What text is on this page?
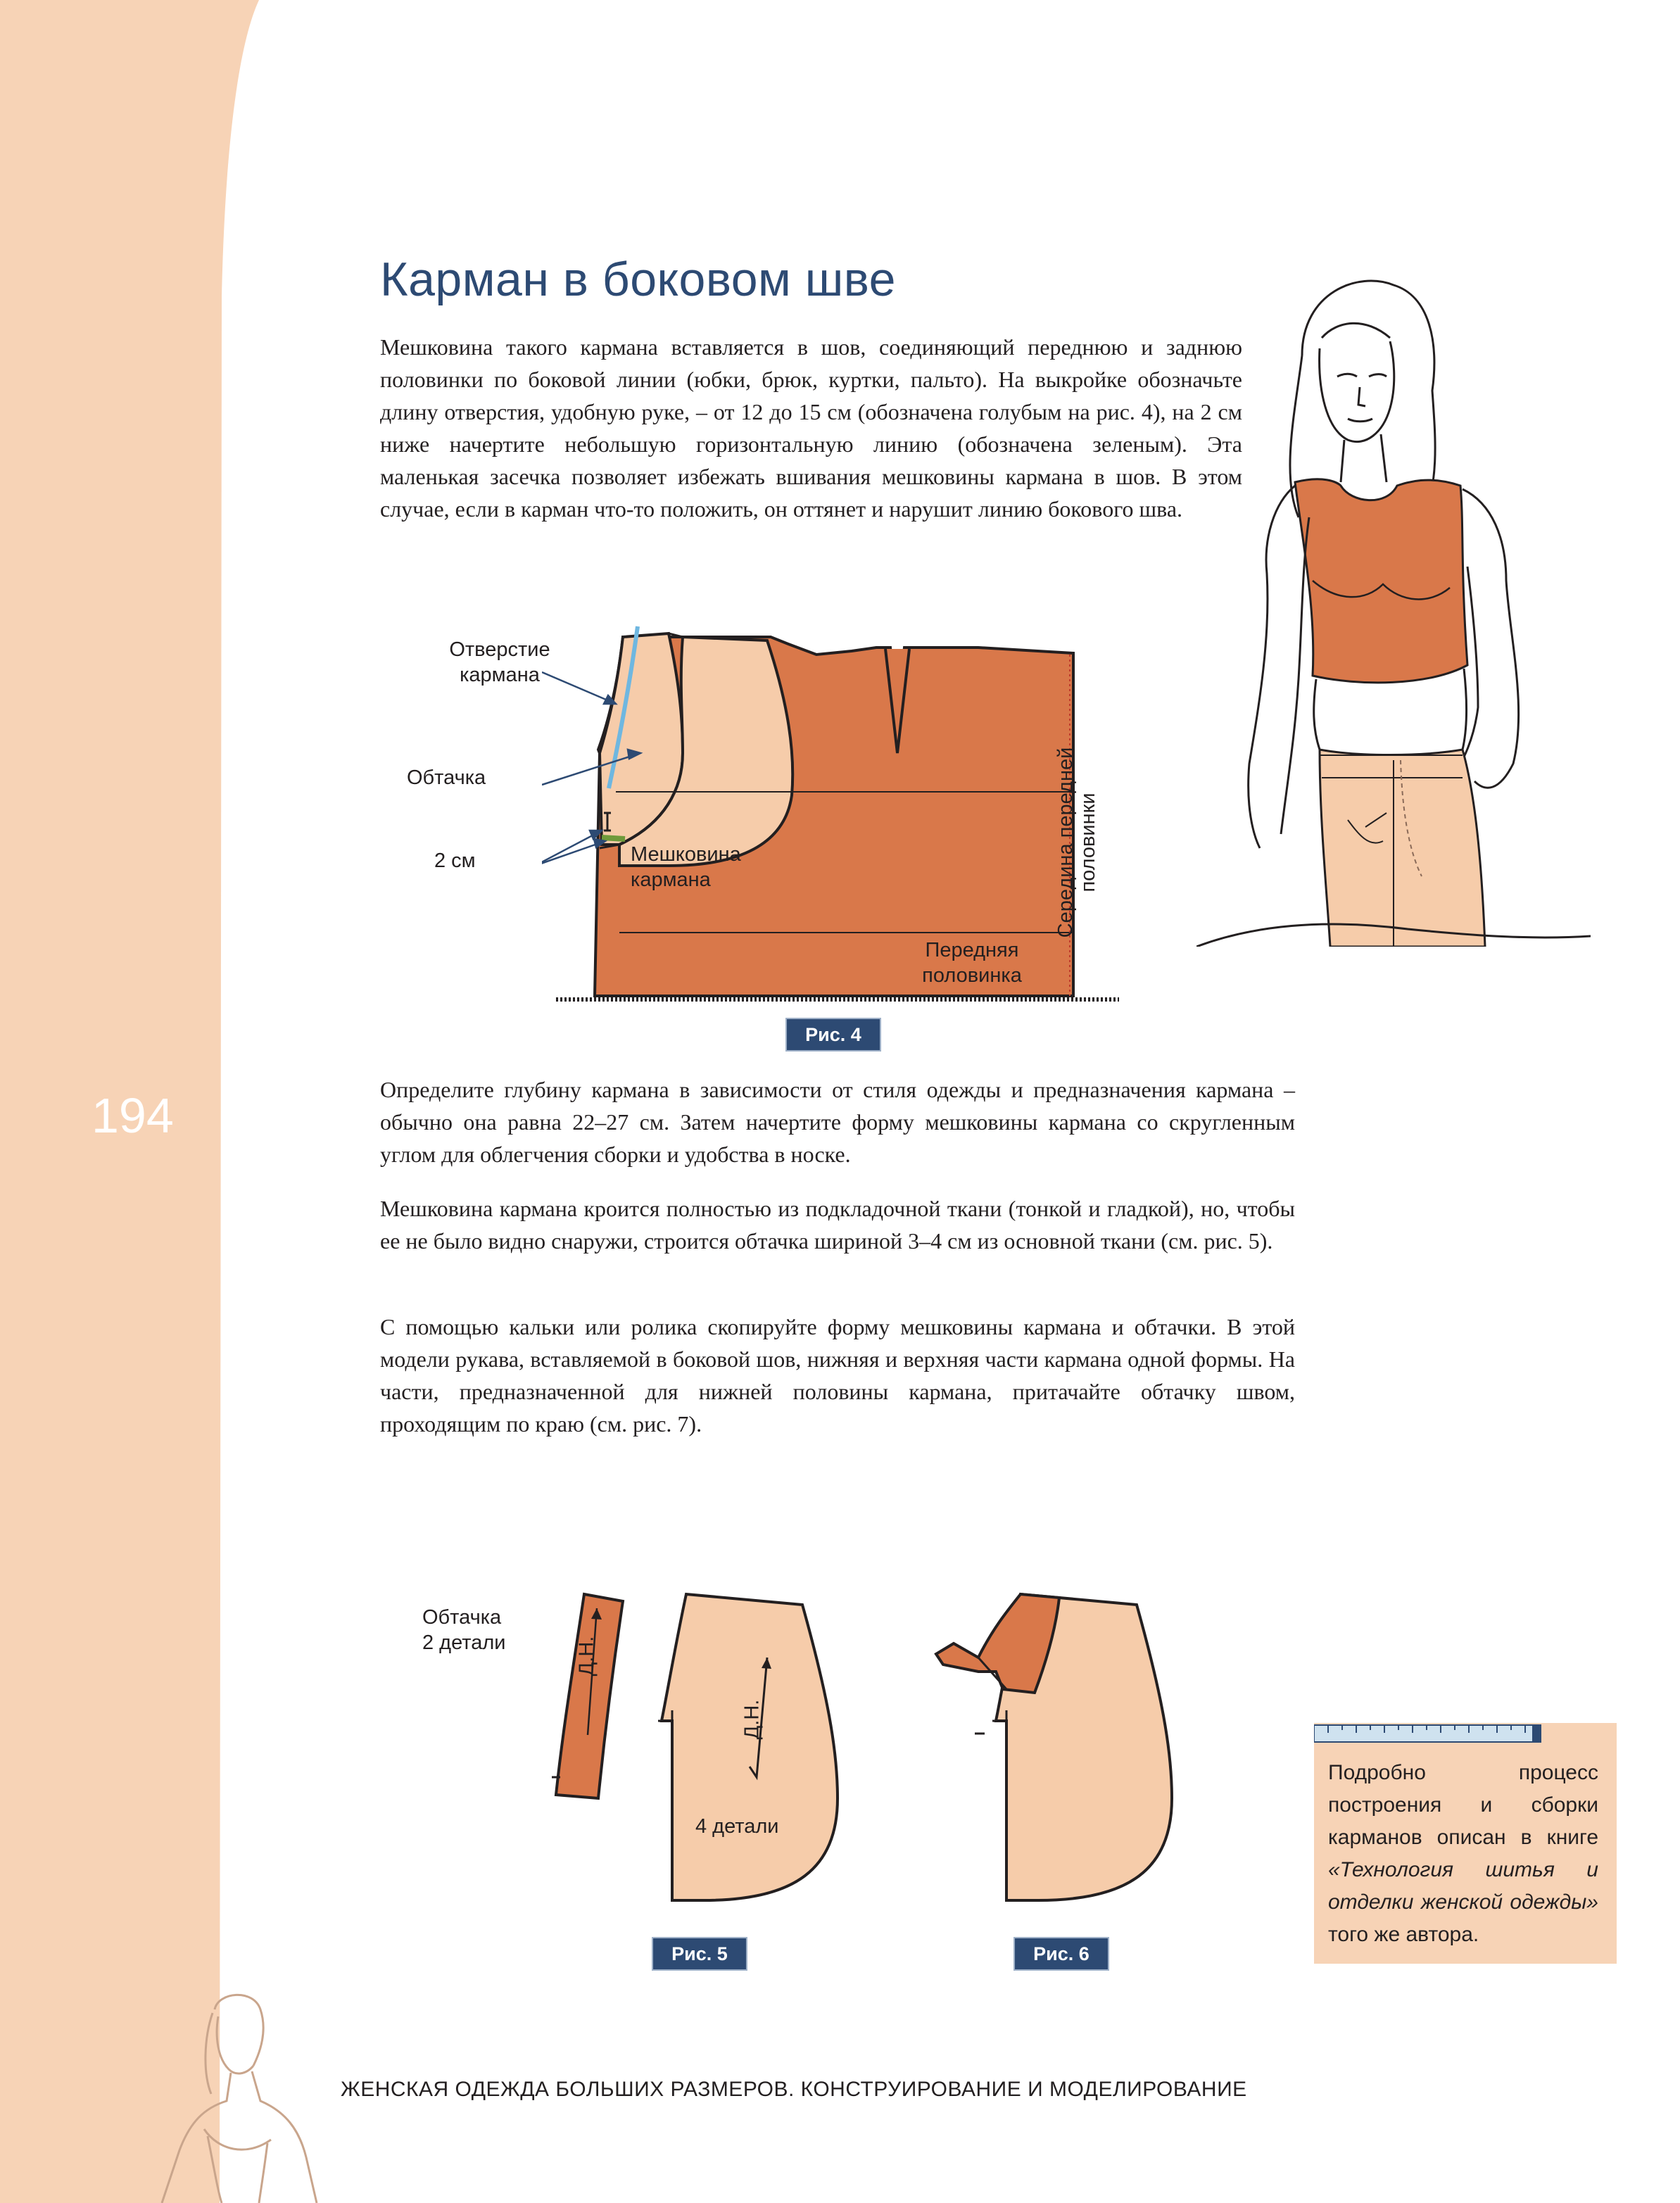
194
Карман в боковом шве

Мешковина такого кармана вставляется в шов, соединяющий переднюю и заднюю половинки по боковой линии (юбки, брюк, куртки, пальто). На выкройке обозначьте длину отверстия, удобную руке, – от 12 до 15 см (обозначена голубым на рис. 4), на 2 см ниже начертите небольшую горизонтальную линию (обозначена зеленым). Эта маленькая засечка позволяет избежать вшивания мешковины кармана в шов. В этом случае, если в карман что-то положить, он оттянет и нарушит линию бокового шва.

Отверстие кармана
Обтачка
2 см	Мешковина кармана
Передняя половинка
Середина передней половинки
Рис. 4

Определите глубину кармана в зависимости от стиля одежды и предназначения кармана – обычно она равна 22–27 см. Затем начертите форму мешковины кармана со скругленным углом для облегчения сборки и удобства в носке.

Мешковина кармана кроится полностью из подкладочной ткани (тонкой и гладкой), но, чтобы ее не было видно снаружи, строится обтачка шириной 3–4 см из основной ткани (см. рис. 5).

С помощью кальки или ролика скопируйте форму мешковины кармана и обтачки. В этой модели рукава, вставляемой в боковой шов, нижняя и верхняя части кармана одной формы. На части, предназначенной для нижней половины кармана, притачайте обтачку швом, проходящим по краю (см. рис. 7).

Обтачка 2 детали	Д.Н.
Д.Н.
4 детали
Рис. 5	Рис. 6
Подробно процесс построения и сборки карманов описан в книге «Технология шитья и отделки женской одежды» того же автора.
ЖЕНСКАЯ ОДЕЖДА БОЛЬШИХ РАЗМЕРОВ. КОНСТРУИРОВАНИЕ И МОДЕЛИРОВАНИЕ
